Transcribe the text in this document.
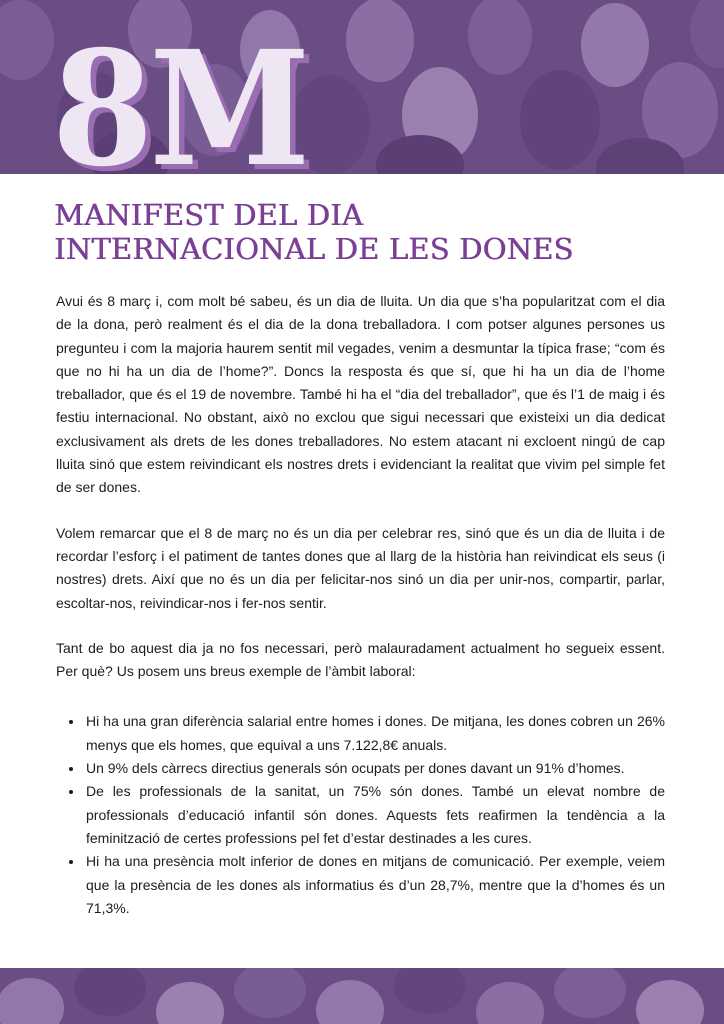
8M
MANIFEST DEL DIA
INTERNACIONAL DE LES DONES

Avui és 8 març i, com molt bé sabeu, és un dia de lluita. Un dia que s’ha popularitzat com el dia de la dona, però realment és el dia de la dona treballadora. I com potser algunes persones us pregunteu i com la majoria haurem sentit mil vegades, venim a desmuntar la típica frase; “com és que no hi ha un dia de l’home?”. Doncs la resposta és que sí, que hi ha un dia de l’home treballador, que és el 19 de novembre. També hi ha el “dia del treballador”, que és l’1 de maig i és festiu internacional. No obstant, això no exclou que sigui necessari que existeixi un dia dedicat exclusivament als drets de les dones treballadores. No estem atacant ni excloent ningú de cap lluita sinó que estem reivindicant els nostres drets i evidenciant la realitat que vivim pel simple fet de ser dones.

Volem remarcar que el 8 de març no és un dia per celebrar res, sinó que és un dia de lluita i de recordar l’esforç i el patiment de tantes dones que al llarg de la història han reivindicat els seus (i nostres) drets. Així que no és un dia per felicitar-nos sinó un dia per unir-nos, compartir, parlar, escoltar-nos, reivindicar-nos i fer-nos sentir.

Tant de bo aquest dia ja no fos necessari, però malauradament actualment ho segueix essent. Per què? Us posem uns breus exemple de l’àmbit laboral:

• Hi ha una gran diferència salarial entre homes i dones. De mitjana, les dones cobren un 26% menys que els homes, que equival a uns 7.122,8€ anuals.
• Un 9% dels càrrecs directius generals són ocupats per dones davant un 91% d’homes.
• De les professionals de la sanitat, un 75% són dones. També un elevat nombre de professionals d’educació infantil són dones. Aquests fets reafirmen la tendència a la feminització de certes professions pel fet d’estar destinades a les cures.
• Hi ha una presència molt inferior de dones en mitjans de comunicació. Per exemple, veiem que la presència de les dones als informatius és d’un 28,7%, mentre que la d’homes és un 71,3%.
